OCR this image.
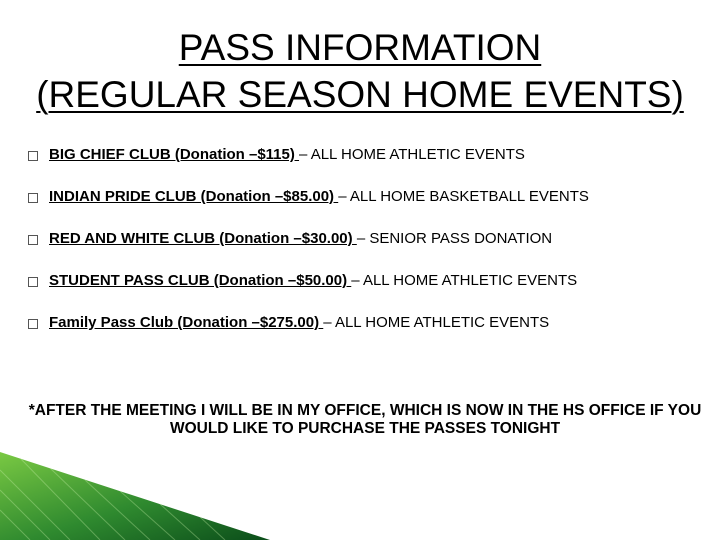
PASS INFORMATION
(REGULAR SEASON HOME EVENTS)
BIG CHIEF CLUB (Donation –$115) – ALL HOME ATHLETIC EVENTS
INDIAN PRIDE CLUB (Donation –$85.00) – ALL HOME BASKETBALL EVENTS
RED AND WHITE CLUB (Donation –$30.00) – SENIOR PASS DONATION
STUDENT PASS CLUB (Donation –$50.00) – ALL HOME ATHLETIC EVENTS
Family Pass Club (Donation –$275.00) – ALL HOME ATHLETIC EVENTS
*AFTER THE MEETING I WILL BE IN MY OFFICE, WHICH IS NOW IN THE HS OFFICE IF YOU
WOULD LIKE TO PURCHASE THE PASSES TONIGHT
